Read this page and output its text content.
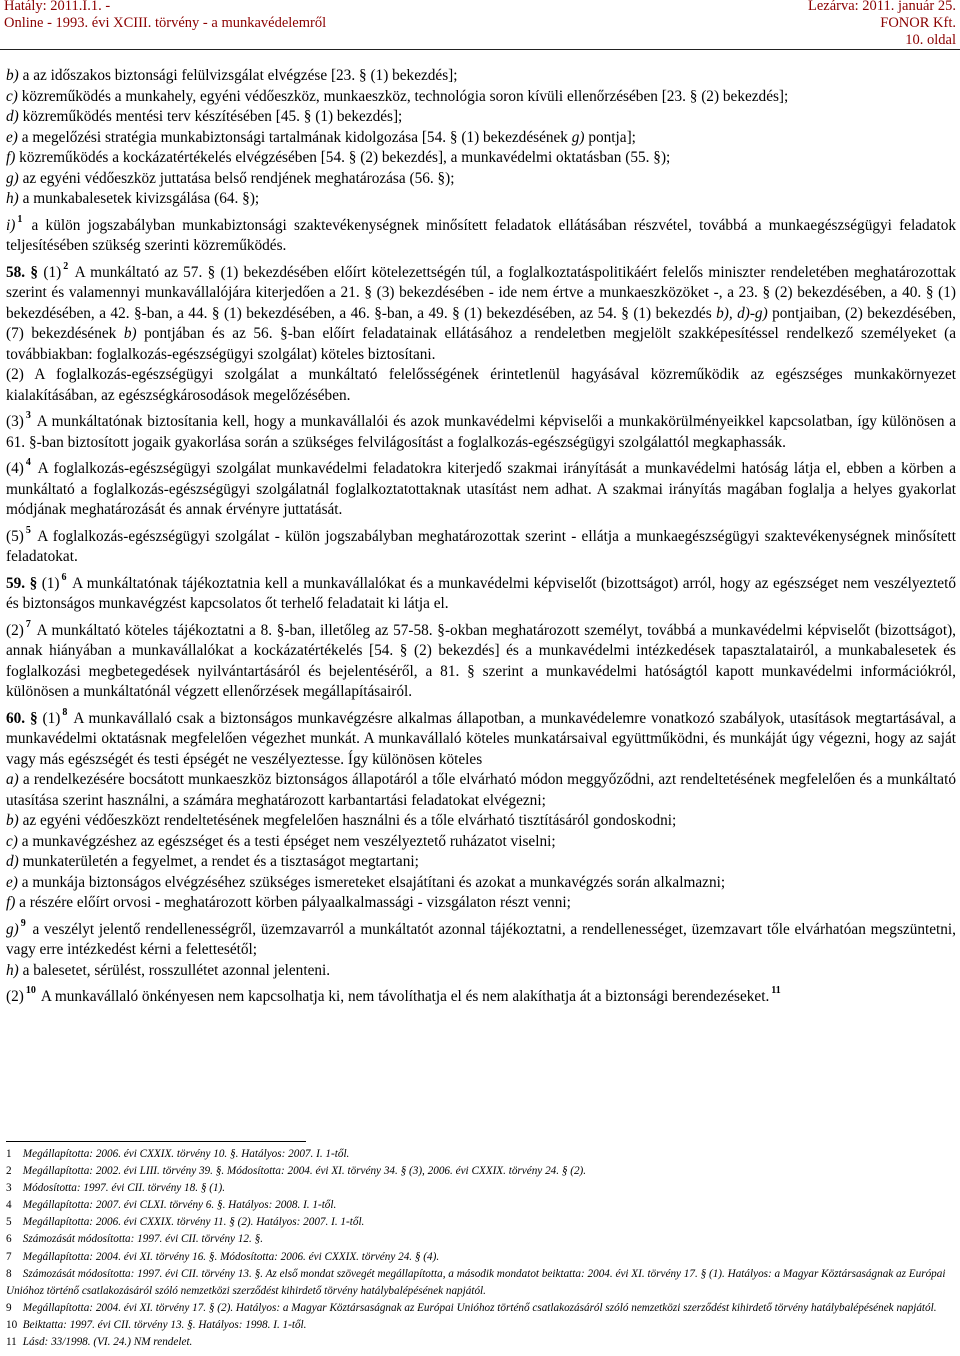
Hatály: 2011.I.1. -
Online - 1993. évi XCIII. törvény - a munkavédelemről
Lezárva: 2011. január 25.
FONOR Kft.
10. oldal

b) a az időszakos biztonsági felülvizsgálat elvégzése [23. § (1) bekezdés];

c) közreműködés a munkahely, egyéni védőeszköz, munkaeszköz, technológia soron kívüli ellenőrzésében [23. § (2) bekezdés];

d) közreműködés mentési terv készítésében [45. § (1) bekezdés];

e) a megelőzési stratégia munkabiztonsági tartalmának kidolgozása [54. § (1) bekezdésének g) pontja];

f) közreműködés a kockázatértékelés elvégzésében [54. § (2) bekezdés], a munkavédelmi oktatásban (55. §);

g) az egyéni védőeszköz juttatása belső rendjének meghatározása (56. §);

h) a munkabalesetek kivizsgálása (64. §);

i) $^1$ a külön jogszabályban munkabiztonsági szaktevékenységnek minősített feladatok ellátásában részvétel, továbbá a munkaegészségügyi feladatok teljesítésében szükség szerinti közreműködés.

58. § (1) $^2$ A munkáltató az 57. § (1) bekezdésében előírt kötelezettségén túl, a foglalkoztatáspolitikáért felelős miniszter rendeletében meghatározottak szerint és valamennyi munkavállalójára kiterjedően a 21. § (3) bekezdésében - ide nem értve a munkaeszközöket -, a 23. § (2) bekezdésében, a 40. § (1) bekezdésében, a 42. §-ban, a 44. § (1) bekezdésében, a 46. §-ban, a 49. § (1) bekezdésében, az 54. § (1) bekezdés b), d)-g) pontjaiban, (2) bekezdésében, (7) bekezdésének b) pontjában és az 56. §-ban előírt feladatainak ellátásához a rendeletben megjelölt szakképesítéssel rendelkező személyeket (a továbbiakban: foglalkozás-egészségügyi szolgálat) köteles biztosítani.

(2) A foglalkozás-egészségügyi szolgálat a munkáltató felelősségének érintetlenül hagyásával közreműködik az egészséges munkakörnyezet kialakításában, az egészségkárosodások megelőzésében.

(3) $^3$ A munkáltatónak biztosítania kell, hogy a munkavállalói és azok munkavédelmi képviselői a munkakörülményeikkel kapcsolatban, így különösen a 61. §-ban biztosított jogaik gyakorlása során a szükséges felvilágosítást a foglalkozás-egészségügyi szolgálattól megkaphassák.

(4) $^4$ A foglalkozás-egészségügyi szolgálat munkavédelmi feladatokra kiterjedő szakmai irányítását a munkavédelmi hatóság látja el, ebben a körben a munkáltató a foglalkozás-egészségügyi szolgálatnál foglalkoztatottaknak utasítást nem adhat. A szakmai irányítás magában foglalja a helyes gyakorlat módjának meghatározását és annak érvényre juttatását.

(5) $^5$ A foglalkozás-egészségügyi szolgálat - külön jogszabályban meghatározottak szerint - ellátja a munkaegészségügyi szaktevékenységnek minősített feladatokat.

59. § (1) $^6$ A munkáltatónak tájékoztatnia kell a munkavállalókat és a munkavédelmi képviselőt (bizottságot) arról, hogy az egészséget nem veszélyeztető és biztonságos munkavégzést kapcsolatos őt terhelő feladatait ki látja el.

(2) $^7$ A munkáltató köteles tájékoztatni a 8. §-ban, illetőleg az 57-58. §-okban meghatározott személyt, továbbá a munkavédelmi képviselőt (bizottságot), annak hiányában a munkavállalókat a kockázatértékelés [54. § (2) bekezdés] és a munkavédelmi intézkedések tapasztalatairól, a munkabalesetek és foglalkozási megbetegedések nyilvántartásáról és bejelentéséről, a 81. § szerint a munkavédelmi hatóságtól kapott munkavédelmi információkról, különösen a munkáltatónál végzett ellenőrzések megállapításairól.

60. § (1) $^8$ A munkavállaló csak a biztonságos munkavégzésre alkalmas állapotban, a munkavédelemre vonatkozó szabályok, utasítások megtartásával, a munkavédelmi oktatásnak megfelelően végezhet munkát. A munkavállaló köteles munkatársaival együttműködni, és munkáját úgy végezni, hogy az saját vagy más egészségét és testi épségét ne veszélyeztesse. Így különösen köteles

a) a rendelkezésére bocsátott munkaeszköz biztonságos állapotáról a tőle elvárható módon meggyőződni, azt rendeltetésének megfelelően és a munkáltató utasítása szerint használni, a számára meghatározott karbantartási feladatokat elvégezni;

b) az egyéni védőeszközt rendeltetésének megfelelően használni és a tőle elvárható tisztításáról gondoskodni;

c) a munkavégzéshez az egészséget és a testi épséget nem veszélyeztető ruházatot viselni;

d) munkaterületén a fegyelmet, a rendet és a tisztaságot megtartani;

e) a munkája biztonságos elvégzéséhez szükséges ismereteket elsajátítani és azokat a munkavégzés során alkalmazni;

f) a részére előírt orvosi - meghatározott körben pályaalkalmassági - vizsgálaton részt venni;

g) $^9$ a veszélyt jelentő rendellenességről, üzemzavarról a munkáltatót azonnal tájékoztatni, a rendellenességet, üzemzavart tőle elvárhatóan megszüntetni, vagy erre intézkedést kérni a felettesétől;

h) a balesetet, sérülést, rosszullétet azonnal jelenteni.

(2) $^{10}$ A munkavállaló önkényesen nem kapcsolhatja ki, nem távolíthatja el és nem alakíthatja át a biztonsági berendezéseket. $^{11}$

1 Megállapította: 2006. évi CXXIX. törvény 10. §. Hatályos: 2007. I. 1-től.

2 Megállapította: 2002. évi LIII. törvény 39. §. Módosította: 2004. évi XI. törvény 34. § (3), 2006. évi CXXIX. törvény 24. § (2).

3 Módosította: 1997. évi CII. törvény 18. § (1).

4 Megállapította: 2007. évi CLXI. törvény 6. §. Hatályos: 2008. I. 1-től.

5 Megállapította: 2006. évi CXXIX. törvény 11. § (2). Hatályos: 2007. I. 1-től.

6 Számozását módosította: 1997. évi CII. törvény 12. §.

7 Megállapította: 2004. évi XI. törvény 16. §. Módosította: 2006. évi CXXIX. törvény 24. § (4).

8 Számozását módosította: 1997. évi CII. törvény 13. §. Az első mondat szövegét megállapította, a második mondatot beiktatta: 2004. évi XI. törvény 17. § (1). Hatályos: a Magyar Köztársaságnak az Európai Unióhoz történő csatlakozásáról szóló nemzetközi szerződést kihirdető törvény hatálybalépésének napjától.

9 Megállapította: 2004. évi XI. törvény 17. § (2). Hatályos: a Magyar Köztársaságnak az Európai Unióhoz történő csatlakozásáról szóló nemzetközi szerződést kihirdető törvény hatálybalépésének napjától.

10 Beiktatta: 1997. évi CII. törvény 13. §. Hatályos: 1998. I. 1-től.

11 Lásd: 33/1998. (VI. 24.) NM rendelet.
